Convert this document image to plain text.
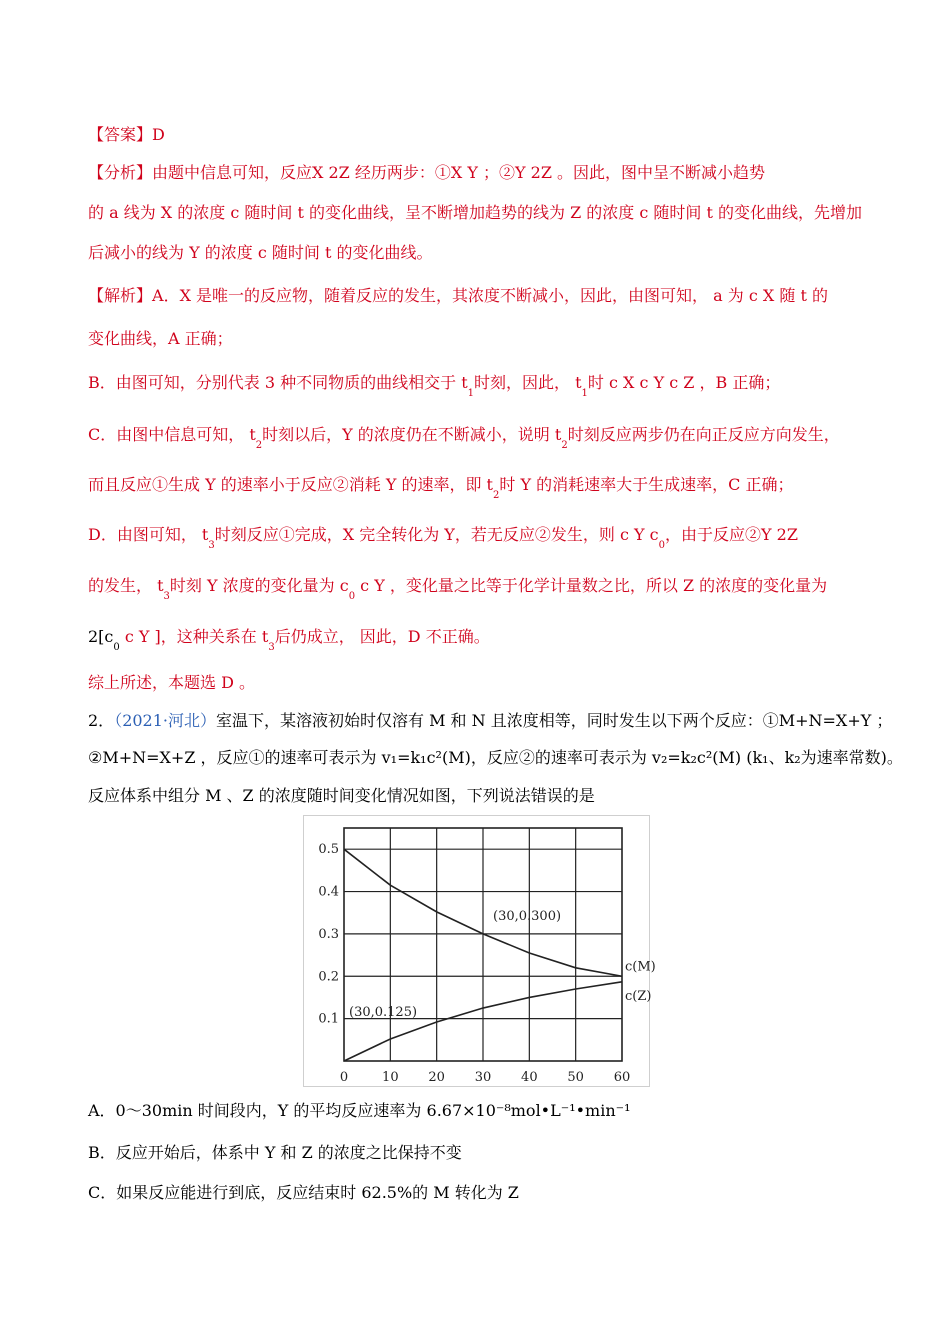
【答案】D
【分析】由题中信息可知，反应X 2Z 经历两步：①X Y ；②Y 2Z 。因此，图中呈不断减小趋势
的 a 线为 X 的浓度 c 随时间 t 的变化曲线，呈不断增加趋势的线为 Z 的浓度 c 随时间 t 的变化曲线，先增加
后减小的线为 Y 的浓度 c 随时间 t 的变化曲线。
【解析】A．X 是唯一的反应物，随着反应的发生，其浓度不断减小，因此，由图可知， a 为 c X 随 t 的
变化曲线，A 正确；
B．由图可知，分别代表 3 种不同物质的曲线相交于 $t_1$时刻，因此， $t_1$时 c X c Y c Z ，B 正确；
C．由图中信息可知， $t_2$时刻以后，Y 的浓度仍在不断减小，说明 $t_2$时刻反应两步仍在向正反应方向发生，
而且反应①生成 Y 的速率小于反应②消耗 Y 的速率，即 $t_2$时 Y 的消耗速率大于生成速率，C 正确；
D．由图可知， $t_3$时刻反应①完成，X 完全转化为 Y，若无反应②发生，则 c Y $c_0$，由于反应②Y 2Z
的发生， $t_3$时刻 Y 浓度的变化量为 $c_0$ c Y ，变化量之比等于化学计量数之比，所以 Z 的浓度的变化量为
$2[c_0$ c Y ]，这种关系在 $t_3$后仍成立， 因此，D 不正确。
综上所述，本题选 D 。
2．（2021·河北）室温下，某溶液初始时仅溶有 M 和 N 且浓度相等，同时发生以下两个反应：①M+N=X+Y ；
②M+N=X+Z ，反应①的速率可表示为 v₁=k₁c²(M)，反应②的速率可表示为 v₂=k₂c²(M) (k₁、k₂为速率常数)。
反应体系中组分 M 、Z 的浓度随时间变化情况如图，下列说法错误的是
0	10 20 30 40 50 60
0.1
0.2
0.3
0.4
0.5
c(M)
c(Z)
(30,0.300)
(30,0.125)
A．0～30min 时间段内，Y 的平均反应速率为 6.67×10⁻⁸mol•L⁻¹•min⁻¹
B．反应开始后，体系中 Y 和 Z 的浓度之比保持不变
C．如果反应能进行到底，反应结束时 62.5%的 M 转化为 Z
